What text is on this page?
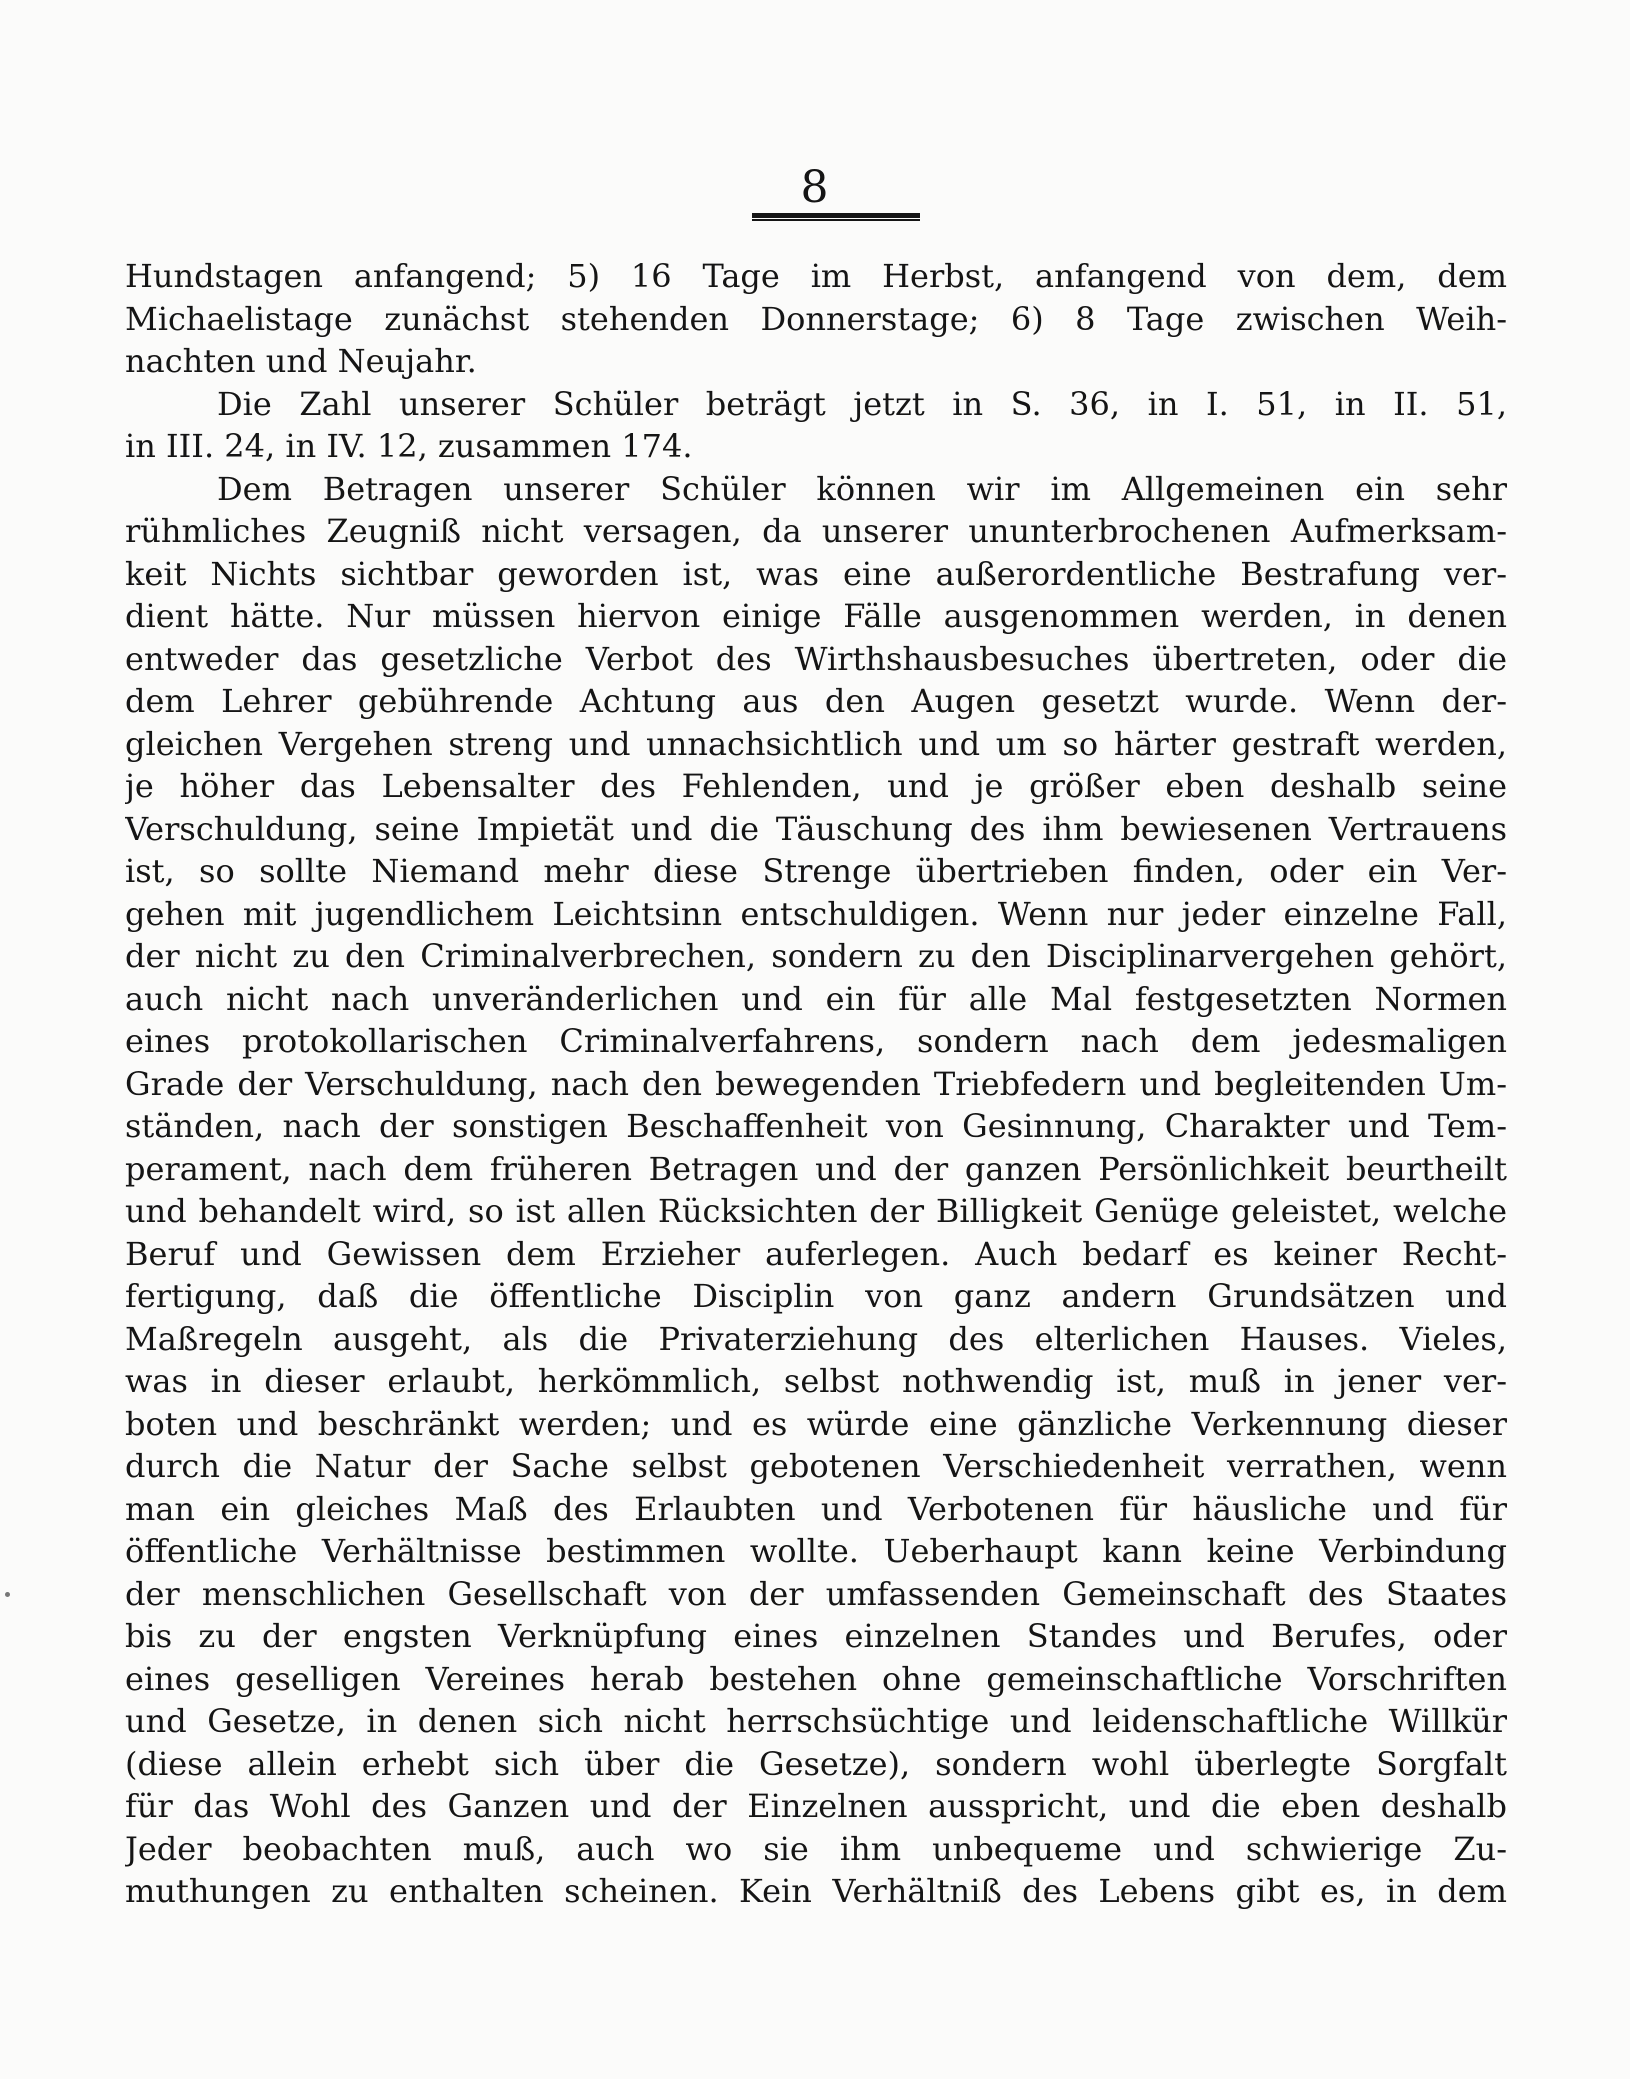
8
Hundstagen anfangend; 5) 16 Tage im Herbst, anfangend von dem, dem
Michaelistage zunächst stehenden Donnerstage; 6) 8 Tage zwischen Weih-
nachten und Neujahr.
Die Zahl unserer Schüler beträgt jetzt in S. 36, in I. 51, in II. 51,
in III. 24, in IV. 12, zusammen 174.
Dem Betragen unserer Schüler können wir im Allgemeinen ein sehr
rühmliches Zeugniß nicht versagen, da unserer ununterbrochenen Aufmerksam-
keit Nichts sichtbar geworden ist, was eine außerordentliche Bestrafung ver-
dient hätte. Nur müssen hiervon einige Fälle ausgenommen werden, in denen
entweder das gesetzliche Verbot des Wirthshausbesuches übertreten, oder die
dem Lehrer gebührende Achtung aus den Augen gesetzt wurde. Wenn der-
gleichen Vergehen streng und unnachsichtlich und um so härter gestraft werden,
je höher das Lebensalter des Fehlenden, und je größer eben deshalb seine
Verschuldung, seine Impietät und die Täuschung des ihm bewiesenen Vertrauens
ist, so sollte Niemand mehr diese Strenge übertrieben finden, oder ein Ver-
gehen mit jugendlichem Leichtsinn entschuldigen. Wenn nur jeder einzelne Fall,
der nicht zu den Criminalverbrechen, sondern zu den Disciplinarvergehen gehört,
auch nicht nach unveränderlichen und ein für alle Mal festgesetzten Normen
eines protokollarischen Criminalverfahrens, sondern nach dem jedesmaligen
Grade der Verschuldung, nach den bewegenden Triebfedern und begleitenden Um-
ständen, nach der sonstigen Beschaffenheit von Gesinnung, Charakter und Tem-
perament, nach dem früheren Betragen und der ganzen Persönlichkeit beurtheilt
und behandelt wird, so ist allen Rücksichten der Billigkeit Genüge geleistet, welche
Beruf und Gewissen dem Erzieher auferlegen. Auch bedarf es keiner Recht-
fertigung, daß die öffentliche Disciplin von ganz andern Grundsätzen und
Maßregeln ausgeht, als die Privaterziehung des elterlichen Hauses. Vieles,
was in dieser erlaubt, herkömmlich, selbst nothwendig ist, muß in jener ver-
boten und beschränkt werden; und es würde eine gänzliche Verkennung dieser
durch die Natur der Sache selbst gebotenen Verschiedenheit verrathen, wenn
man ein gleiches Maß des Erlaubten und Verbotenen für häusliche und für
öffentliche Verhältnisse bestimmen wollte. Ueberhaupt kann keine Verbindung
der menschlichen Gesellschaft von der umfassenden Gemeinschaft des Staates
bis zu der engsten Verknüpfung eines einzelnen Standes und Berufes, oder
eines geselligen Vereines herab bestehen ohne gemeinschaftliche Vorschriften
und Gesetze, in denen sich nicht herrschsüchtige und leidenschaftliche Willkür
(diese allein erhebt sich über die Gesetze), sondern wohl überlegte Sorgfalt
für das Wohl des Ganzen und der Einzelnen ausspricht, und die eben deshalb
Jeder beobachten muß, auch wo sie ihm unbequeme und schwierige Zu-
muthungen zu enthalten scheinen. Kein Verhältniß des Lebens gibt es, in dem
